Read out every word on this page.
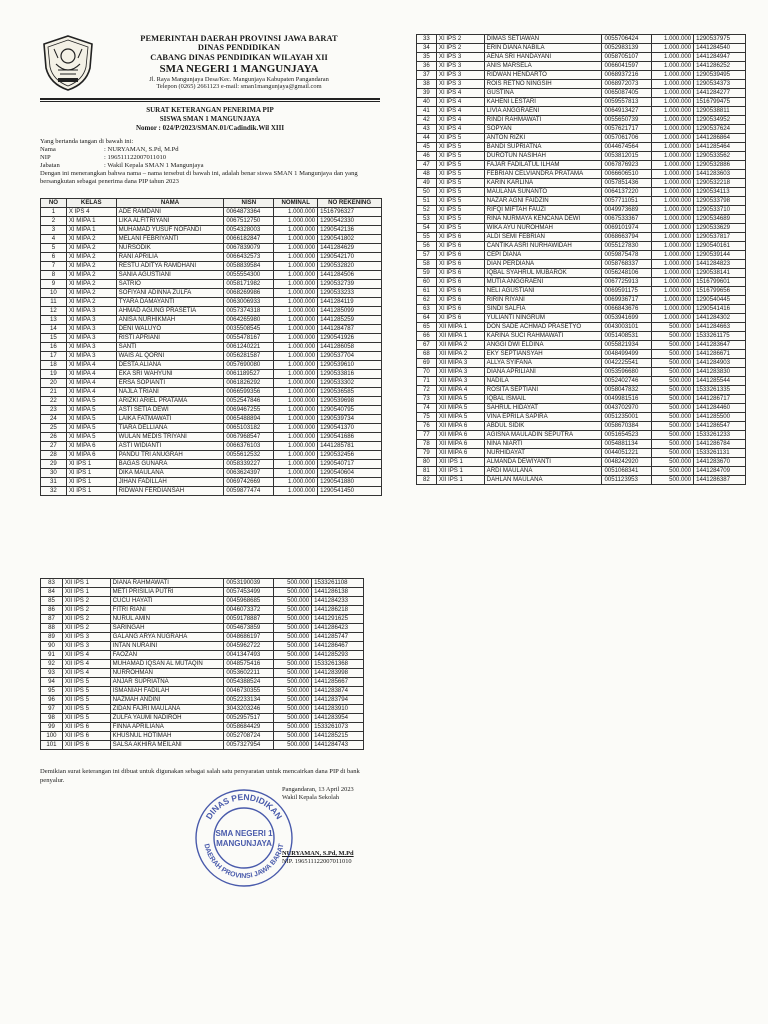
PEMERINTAH DAERAH PROVINSI JAWA BARAT
DINAS PENDIDIKAN
CABANG DINAS PENDIDIKAN WILAYAH XII
SMA NEGERI 1 MANGUNJAYA
Jl. Raya Mangunjaya Desa/Kec. Mangunjaya Kabupaten Pangandaran
Telepon (0265) 2661123 e-mail: sman1mangunjaya@gmail.com
SURAT KETERANGAN PENERIMA PIP
SISWA SMAN 1 MANGUNJAYA
Nomor : 024/P/2023/SMAN.01/Cadindik.Wil XIII

Yang bertanda tangan di bawah ini:

Nama	: NURYAMAN, S.Pd, M.Pd
NIP	: 196511122007011010
Jabatan	: Wakil Kepala SMAN 1 Mangunjaya

Dengan ini menerangkan bahwa nama – nama tersebut di bawah ini, adalah benar siswa SMAN 1 Mangunjaya dan yang bersangkutan sebagai penerima dana PIP tahun 2023

NO	KELAS	NAMA	NISN	NOMINAL	NO REKENING
1	X IPS 4	ADE RAMDANI	0064873364	1.000.000	1516796327
2	XI MIPA 1	LIKA ALFITRIYANI	0067512750	1.000.000	1290542330
3	XI MIPA 1	MUHAMAD YUSUF NOFANDI	0054328003	1.000.000	1290542136
4	XI MIPA 2	MELANI FEBRIYANTI	0066182847	1.000.000	1290541802
5	XI MIPA 2	NURSODIK	0067839079	1.000.000	1441284629
6	XI MIPA 2	RANI APRILIA	0066432573	1.000.000	1290542170
7	XI MIPA 2	RESTU ADITYA RAMDHANI	0058839584	1.000.000	1290532820
8	XI MIPA 2	SANIA AGUSTIANI	0055554300	1.000.000	1441284506
9	XI MIPA 2	SATRIO	0058171982	1.000.000	1290532739
10	XI MIPA 2	SOFIYANI ADINNA ZULFA	0068269986	1.000.000	1290533233
11	XI MIPA 2	TYARA DAMAYANTI	0063006933	1.000.000	1441284119
12	XI MIPA 3	AHMAD AGUNG PRASETIA	0057374318	1.000.000	1441285099
13	XI MIPA 3	ANISA NURHIKMAH	0064265980	1.000.000	1441285259
14	XI MIPA 3	DENI WALUYO	0035508545	1.000.000	1441284787
15	XI MIPA 3	RISTI APRIANI	0055478167	1.000.000	1290541926
16	XI MIPA 3	SANTI	0061240221	1.000.000	1441286058
17	XI MIPA 3	WAIS AL QORNI	0056281587	1.000.000	1290537704
18	XI MIPA 4	DESTA ALIANA	0057690080	1.000.000	1290539610
19	XI MIPA 4	EKA SRI WAHYUNI	0061189527	1.000.000	1290533816
20	XI MIPA 4	ERSA SOPIANTI	0061826292	1.000.000	1290533302
21	XI MIPA 4	NAJLA TRIANI	0066599356	1.000.000	1290536585
22	XI MIPA 5	ARIZKI ARIEL PRATAMA	0052547846	1.000.000	1290539698
23	XI MIPA 5	ASTI SETIA DEWI	0069467255	1.000.000	1290540795
24	XI MIPA 5	LAIKA FATMAWATI	0065488894	1.000.000	1290539734
25	XI MIPA 5	TIARA DELLIANA	0065103182	1.000.000	1290541370
26	XI MIPA 5	WULAN MEDIS TRIYANI	0067968547	1.000.000	1290541686
27	XI MIPA 6	ASTI WIDIANTI	0066376103	1.000.000	1441285781
28	XI MIPA 6	PANDU TRI ANUGRAH	0055612532	1.000.000	1290532456
29	XI IPS 1	BAGAS GUNARA	0058339227	1.000.000	1290540717
30	XI IPS 1	DIKA MAULANA	0063624397	1.000.000	1290540604
31	XI IPS 1	JIHAN FADILLAH	0069742669	1.000.000	1290541880
32	XI IPS 1	RIDWAN FERDIANSAH	0059877474	1.000.000	1290541450
33	XI IPS 2	DIMAS SETIAWAN	0055706424	1.000.000	1290537975
34	XI IPS 2	ERIN DIANA NABILA	0052983139	1.000.000	1441284540
35	XI IPS 3	AENA SRI HANDAYANI	0058705107	1.000.000	1441284947
36	XI IPS 3	ANIS MARSELA	0066041597	1.000.000	1441286252
37	XI IPS 3	RIDWAN HENDARTO	0068937216	1.000.000	1290539495
38	XI IPS 3	ROIS RETNO NINGSIH	0068972073	1.000.000	1290534373
39	XI IPS 4	GUSTINA	0065087405	1.000.000	1441284277
40	XI IPS 4	KAHENI LESTARI	0059557813	1.000.000	1516799475
41	XI IPS 4	LIVIA ANGGRAENI	0064913427	1.000.000	1290538811
42	XI IPS 4	RINDI RAHMAWATI	0055650739	1.000.000	1290534952
43	XI IPS 4	SOPYAN	0057621717	1.000.000	1290537624
44	XI IPS 5	ANTON RIZKI	0057061706	1.000.000	1441286864
45	XI IPS 5	BANDI SUPRIATNA	0044674564	1.000.000	1441285464
46	XI IPS 5	DUROTUN NASIHAH	0053812015	1.000.000	1290533562
47	XI IPS 5	FAJAR FADILATUL ILHAM	0067876923	1.000.000	1290532886
48	XI IPS 5	FEBRIAN CELVIANDRA PRATAMA	0066606510	1.000.000	1441283603
49	XI IPS 5	KARIN KARLINA	0057851436	1.000.000	1290532218
50	XI IPS 5	MAULANA SUNANTO	0064137220	1.000.000	1290534113
51	XI IPS 5	NAZAR AGNI FAIDZIN	0057711051	1.000.000	1290533798
52	XI IPS 5	RIFQI MIFTAH FAUZI	0049973689	1.000.000	1290533710
53	XI IPS 5	RINA NURMAYA KENCANA DEWI	0067533367	1.000.000	1290534689
54	XI IPS 5	WIKA AYU NUROHMAH	0069101974	1.000.000	1290533629
55	XI IPS 6	ALDI SEMI FEBRIAN	0068663794	1.000.000	1290537817
56	XI IPS 6	CANTIKA ASRI NURHAWIDAH	0055127830	1.000.000	1290540161
57	XI IPS 6	CEPI DIANA	0059875478	1.000.000	1290539144
58	XI IPS 6	DIAN PERDIANA	0058768337	1.000.000	1441284823
59	XI IPS 6	IQBAL SYAHRUL MUBAROK	0056248106	1.000.000	1290538141
60	XI IPS 6	MUTIA ANGGRAENI	0067725913	1.000.000	1516799601
61	XI IPS 6	NELI AGUSTIANI	0069591175	1.000.000	1516799656
62	XI IPS 6	RIRIN RIYANI	0069936717	1.000.000	1290540445
63	XI IPS 6	SINDI SALFIA	0066843676	1.000.000	1290541416
64	XI IPS 6	YULIANTI NINGRUM	0053941699	1.000.000	1441284302
65	XII MIPA 1	DON SADE ACHMAD PRASETYO	0043003101	500.000	1441284663
66	XII MIPA 1	KARINA SUCI RAHMAWATI	0051408531	500.000	1533261175
67	XII MIPA 2	ANGGI DWI ELDINA	0055821934	500.000	1441283647
68	XII MIPA 2	EKY SEPTIANSYAH	0048499499	500.000	1441286671
69	XII MIPA 3	ALLYA SYIFANA	0042225541	500.000	1441284903
70	XII MIPA 3	DIANA APRILIANI	0053596680	500.000	1441283830
71	XII MIPA 3	NADILA	0052402746	500.000	1441285544
72	XII MIPA 4	ROSITA SEPTIANI	0058047832	500.000	1533261335
73	XII MIPA 5	IQBAL ISMAIL	0049981516	500.000	1441286717
74	XII MIPA 5	SAHRUL HIDAYAT	0043702970	500.000	1441284460
75	XII MIPA 5	VINA EPRILA SAPIRA	0051235001	500.000	1441285500
76	XII MIPA 6	ABDUL SIDIK	0058670384	500.000	1441286547
77	XII MIPA 6	AGISNA MAULADIN SEPUTRA	0051654523	500.000	1533261233
78	XII MIPA 6	NINA NIARTI	0054881134	500.000	1441286784
79	XII MIPA 6	NURHIDAYAT	0044051221	500.000	1533261131
80	XII IPS 1	ALMANDA DEWIYANTI	0048242920	500.000	1441283670
81	XII IPS 1	ARDI MAULANA	0051068341	500.000	1441284709
82	XII IPS 1	DAHLAN MAULANA	0051123953	500.000	1441286387
83	XII IPS 1	DIANA RAHMAWATI	0053190039	500.000	1533261108
84	XII IPS 1	METI PRISILIA PUTRI	0057453499	500.000	1441286138
85	XII IPS 2	CUCU HAYATI	0045968685	500.000	1441284233
86	XII IPS 2	FITRI RIANI	0046073372	500.000	1441286218
87	XII IPS 2	NURUL AMIN	0059178887	500.000	1441291625
88	XII IPS 2	SARINGAH	0054673859	500.000	1441286423
89	XII IPS 3	GALANG ARYA NUGRAHA	0048686197	500.000	1441285747
90	XII IPS 3	INTAN NURAINI	0045962722	500.000	1441286467
91	XII IPS 4	FAOZAN	0041347493	500.000	1441285293
92	XII IPS 4	MUHAMAD IQSAN AL MUTAQIN	0048575416	500.000	1533261368
93	XII IPS 4	NURROHMAN	0053602211	500.000	1441283998
94	XII IPS 5	ANJAR SUPRIATNA	0054388524	500.000	1441285667
95	XII IPS 5	ISMANIAH FADILAH	0046730355	500.000	1441283874
96	XII IPS 5	NAZMAH ANDINI	0052233134	500.000	1441283794
97	XII IPS 5	ZIDAN FAJRI MAULANA	3043203246	500.000	1441283910
98	XII IPS 5	ZULFA YAUMI NADIROH	0052957517	500.000	1441283954
99	XII IPS 6	FINNA APRILIANA	0058684429	500.000	1533261073
100	XII IPS 6	KHUSNUL HOTIMAH	0052708724	500.000	1441285215
101	XII IPS 6	SALSA AKHIRA MEILANI	0057327954	500.000	1441284743
Demikian surat keterangan ini dibuat untuk digunakan sebagai salah satu persyaratan untuk mencairkan dana PIP di bank penyalur.
DINAS PENDIDIKAN
DAERAH PROVINSI JAWA BARAT
SMA NEGERI 1
MANGUNJAYA
Pangandaran, 13 April 2023
Wakil Kepala Sekolah
NURYAMAN, S.Pd, M.Pd
NIP. 196511122007011010
